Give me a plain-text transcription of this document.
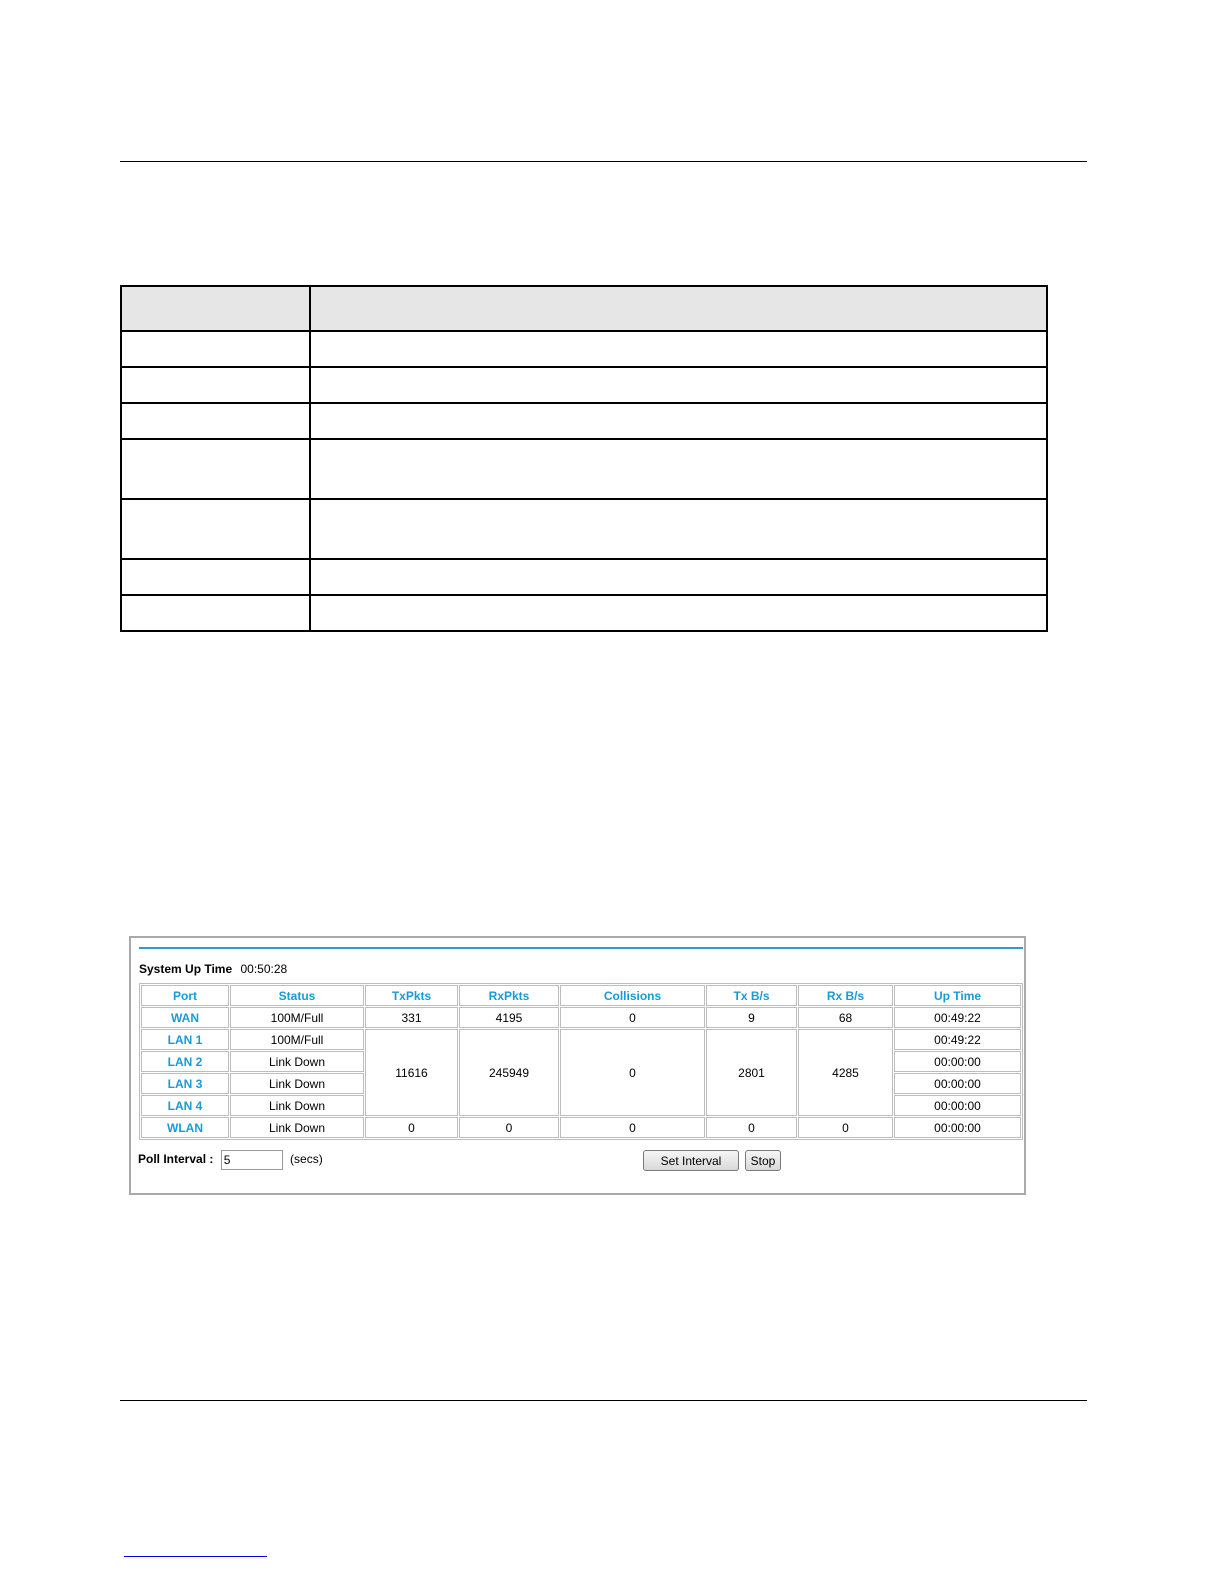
System Up Time 00:50:28
Port	Status	TxPkts	RxPkts	Collisions	Tx B/s	Rx B/s	Up Time
WAN	100M/Full	331	4195	0	9	68	00:49:22
LAN 1	100M/Full	11616	245949	0	2801	4285	00:49:22
LAN 2	Link Down						00:00:00
LAN 3	Link Down						00:00:00
LAN 4	Link Down						00:00:00
WLAN	Link Down	0	0	0	0	0	00:00:00
Poll Interval : 5	(secs)	Set Interval	Stop
